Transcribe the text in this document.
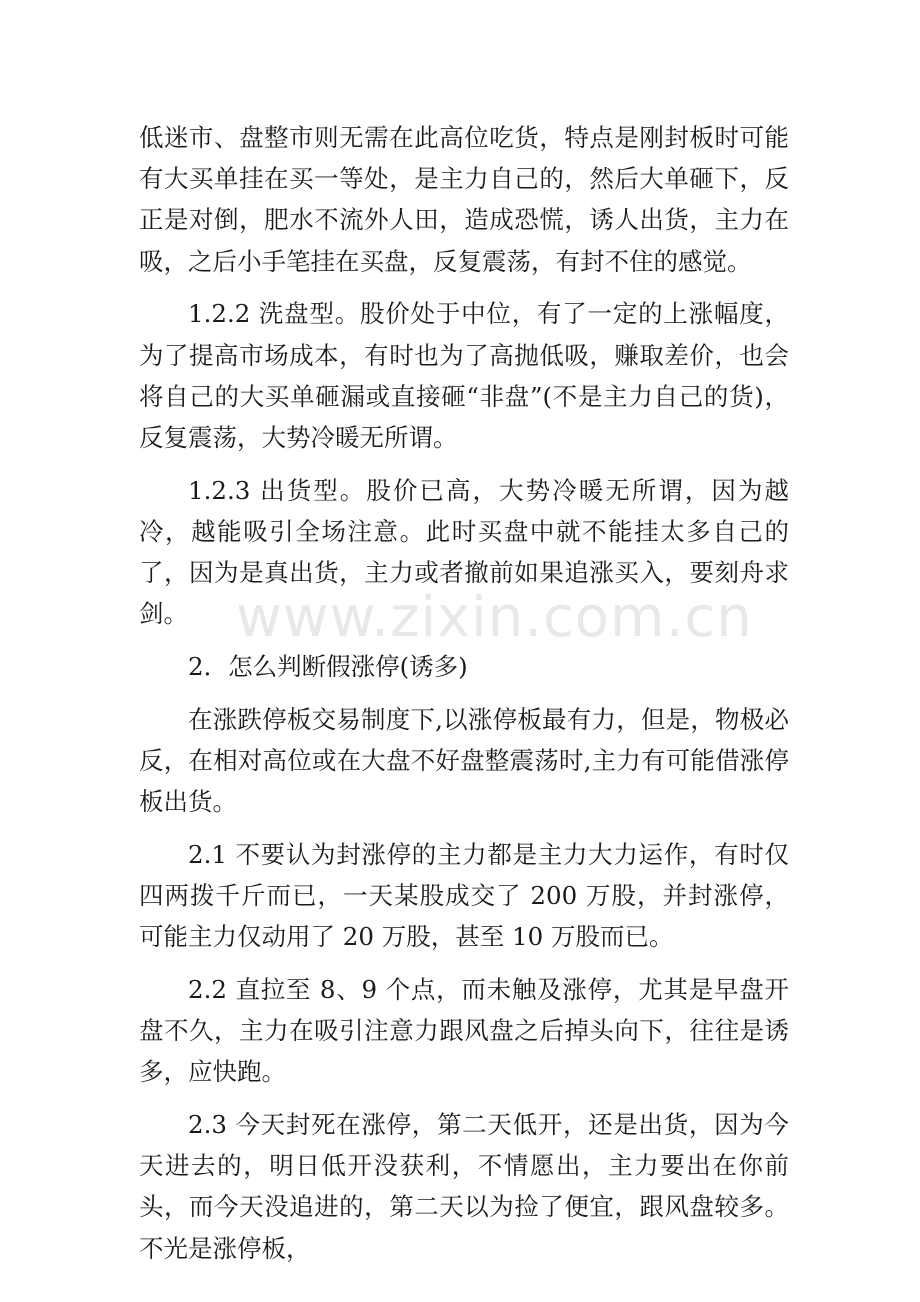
低迷市、盘整市则无需在此高位吃货，特点是刚封板时可能有大买单挂在买一等处，是主力自己的，然后大单砸下，反正是对倒，肥水不流外人田，造成恐慌，诱人出货，主力在吸，之后小手笔挂在买盘，反复震荡，有封不住的感觉。

1.2.2 洗盘型。股价处于中位，有了一定的上涨幅度，为了提高市场成本，有时也为了高抛低吸，赚取差价，也会将自己的大买单砸漏或直接砸“非盘”(不是主力自己的货)，反复震荡，大势冷暖无所谓。

1.2.3 出货型。股价已高，大势冷暖无所谓，因为越冷，越能吸引全场注意。此时买盘中就不能挂太多自己的了，因为是真出货，主力或者撤前如果追涨买入，要刻舟求剑。

2．怎么判断假涨停(诱多)

在涨跌停板交易制度下,以涨停板最有力，但是，物极必反，在相对高位或在大盘不好盘整震荡时,主力有可能借涨停板出货。

2.1 不要认为封涨停的主力都是主力大力运作，有时仅四两拨千斤而已，一天某股成交了 200 万股，并封涨停，可能主力仅动用了 20 万股，甚至 10 万股而已。

2.2 直拉至 8、9 个点，而未触及涨停，尤其是早盘开盘不久，主力在吸引注意力跟风盘之后掉头向下，往往是诱多，应快跑。

2.3 今天封死在涨停，第二天低开，还是出货，因为今天进去的，明日低开没获利，不情愿出，主力要出在你前头，而今天没追进的，第二天以为捡了便宜，跟风盘较多。不光是涨停板，

www.zixin.com.cn
